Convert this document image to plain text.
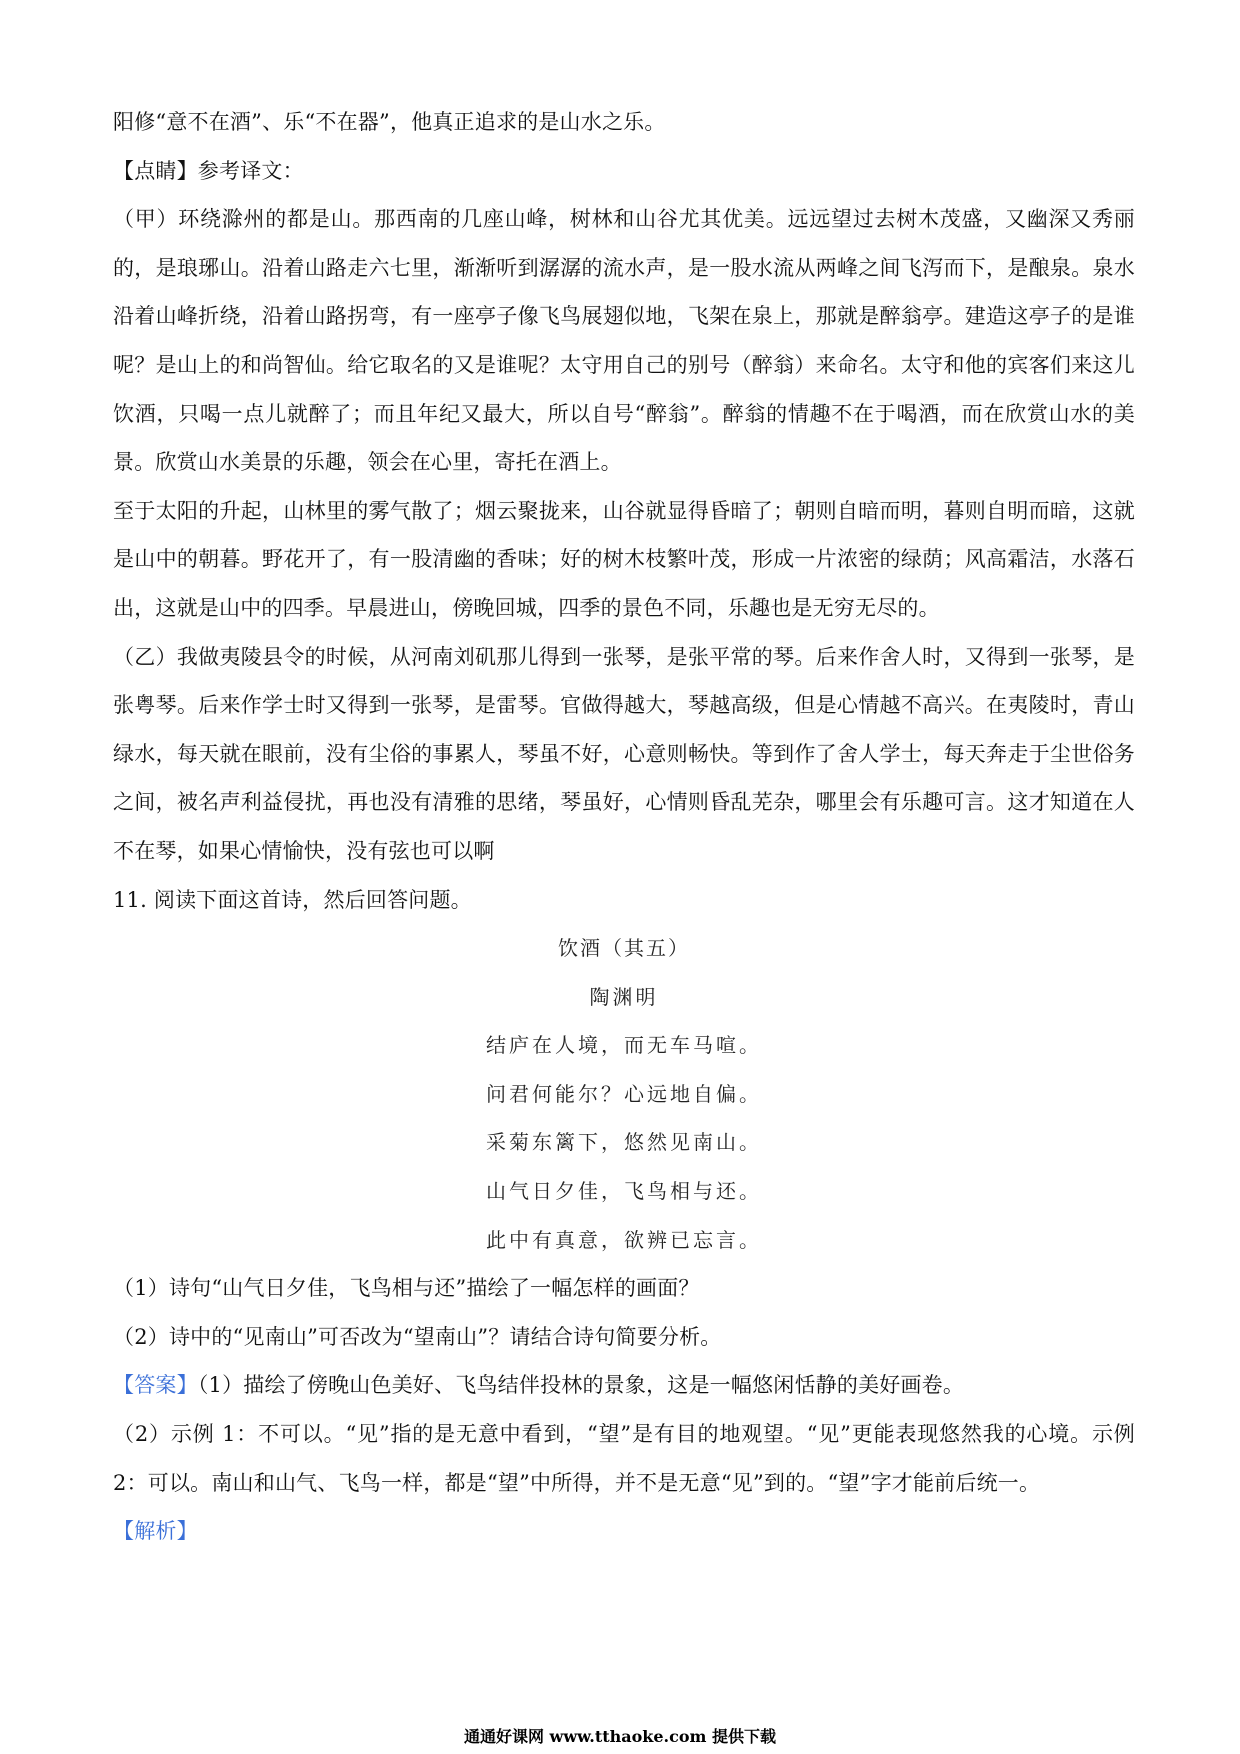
阳修“意不在酒”、乐“不在器”，他真正追求的是山水之乐。

【点睛】参考译文：

（甲）环绕滁州的都是山。那西南的几座山峰，树林和山谷尤其优美。远远望过去树木茂盛，又幽深又秀丽的，是琅琊山。沿着山路走六七里，渐渐听到潺潺的流水声，是一股水流从两峰之间飞泻而下，是酿泉。泉水沿着山峰折绕，沿着山路拐弯，有一座亭子像飞鸟展翅似地，飞架在泉上，那就是醉翁亭。建造这亭子的是谁呢？是山上的和尚智仙。给它取名的又是谁呢？太守用自己的别号（醉翁）来命名。太守和他的宾客们来这儿饮酒，只喝一点儿就醉了；而且年纪又最大，所以自号“醉翁”。醉翁的情趣不在于喝酒，而在欣赏山水的美景。欣赏山水美景的乐趣，领会在心里，寄托在酒上。

至于太阳的升起，山林里的雾气散了；烟云聚拢来，山谷就显得昏暗了；朝则自暗而明，暮则自明而暗，这就是山中的朝暮。野花开了，有一股清幽的香味；好的树木枝繁叶茂，形成一片浓密的绿荫；风高霜洁，水落石出，这就是山中的四季。早晨进山，傍晚回城，四季的景色不同，乐趣也是无穷无尽的。

（乙）我做夷陵县令的时候，从河南刘矶那儿得到一张琴，是张平常的琴。后来作舍人时，又得到一张琴，是张粤琴。后来作学士时又得到一张琴，是雷琴。官做得越大，琴越高级，但是心情越不高兴。在夷陵时，青山绿水，每天就在眼前，没有尘俗的事累人，琴虽不好，心意则畅快。等到作了舍人学士，每天奔走于尘世俗务之间，被名声利益侵扰，再也没有清雅的思绪，琴虽好，心情则昏乱芜杂，哪里会有乐趣可言。这才知道在人不在琴，如果心情愉快，没有弦也可以啊

11. 阅读下面这首诗，然后回答问题。

饮酒（其五）
陶渊明
结庐在人境，而无车马喧。
问君何能尔？心远地自偏。
采菊东篱下，悠然见南山。
山气日夕佳，飞鸟相与还。
此中有真意，欲辨已忘言。

（1）诗句“山气日夕佳，飞鸟相与还”描绘了一幅怎样的画面？

（2）诗中的“见南山”可否改为“望南山”？请结合诗句简要分析。

【答案】（1）描绘了傍晚山色美好、飞鸟结伴投林的景象，这是一幅悠闲恬静的美好画卷。

（2）示例 1：不可以。“见”指的是无意中看到，“望”是有目的地观望。“见”更能表现悠然我的心境。示例 2：可以。南山和山气、飞鸟一样，都是“望”中所得，并不是无意“见”到的。“望”字才能前后统一。

【解析】

通通好课网 www.tthaoke.com 提供下载
